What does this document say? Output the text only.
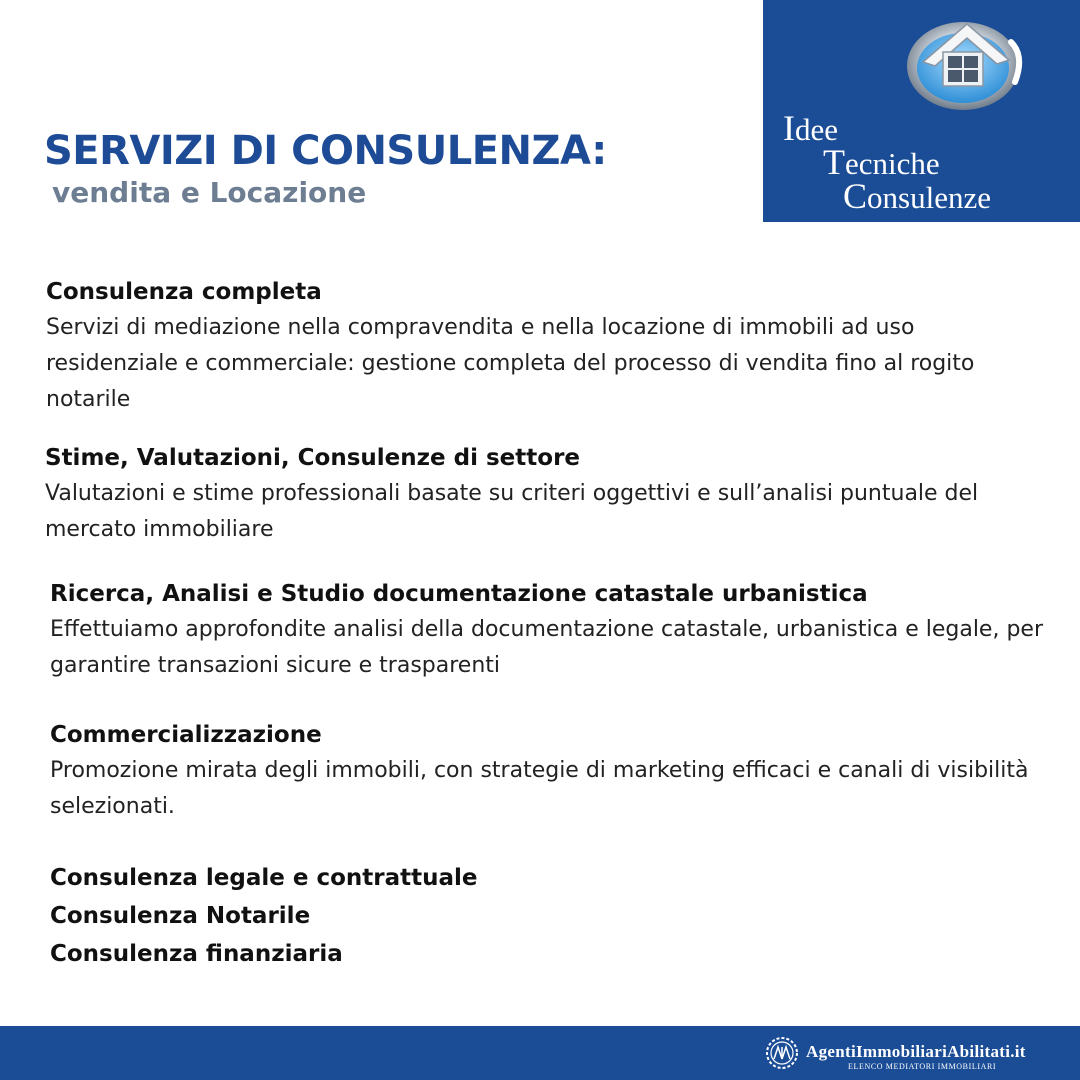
SERVIZI DI CONSULENZA:
vendita e Locazione
Idee
Tecniche
Consulenze

Consulenza completa

Servizi di mediazione nella compravendita e nella locazione di immobili ad uso residenziale e commerciale: gestione completa del processo di vendita fino al rogito notarile

Stime, Valutazioni, Consulenze di settore

Valutazioni e stime professionali basate su criteri oggettivi e sull’analisi puntuale del mercato immobiliare

Ricerca, Analisi e Studio documentazione catastale urbanistica

Effettuiamo approfondite analisi della documentazione catastale, urbanistica e legale, per garantire transazioni sicure e trasparenti

Commercializzazione

Promozione mirata degli immobili, con strategie di marketing efficaci e canali di visibilità selezionati.

Consulenza legale e contrattuale

Consulenza Notarile

Consulenza finanziaria

AgentiImmobiliariAbilitati.it
ELENCO MEDIATORI IMMOBILIARI
